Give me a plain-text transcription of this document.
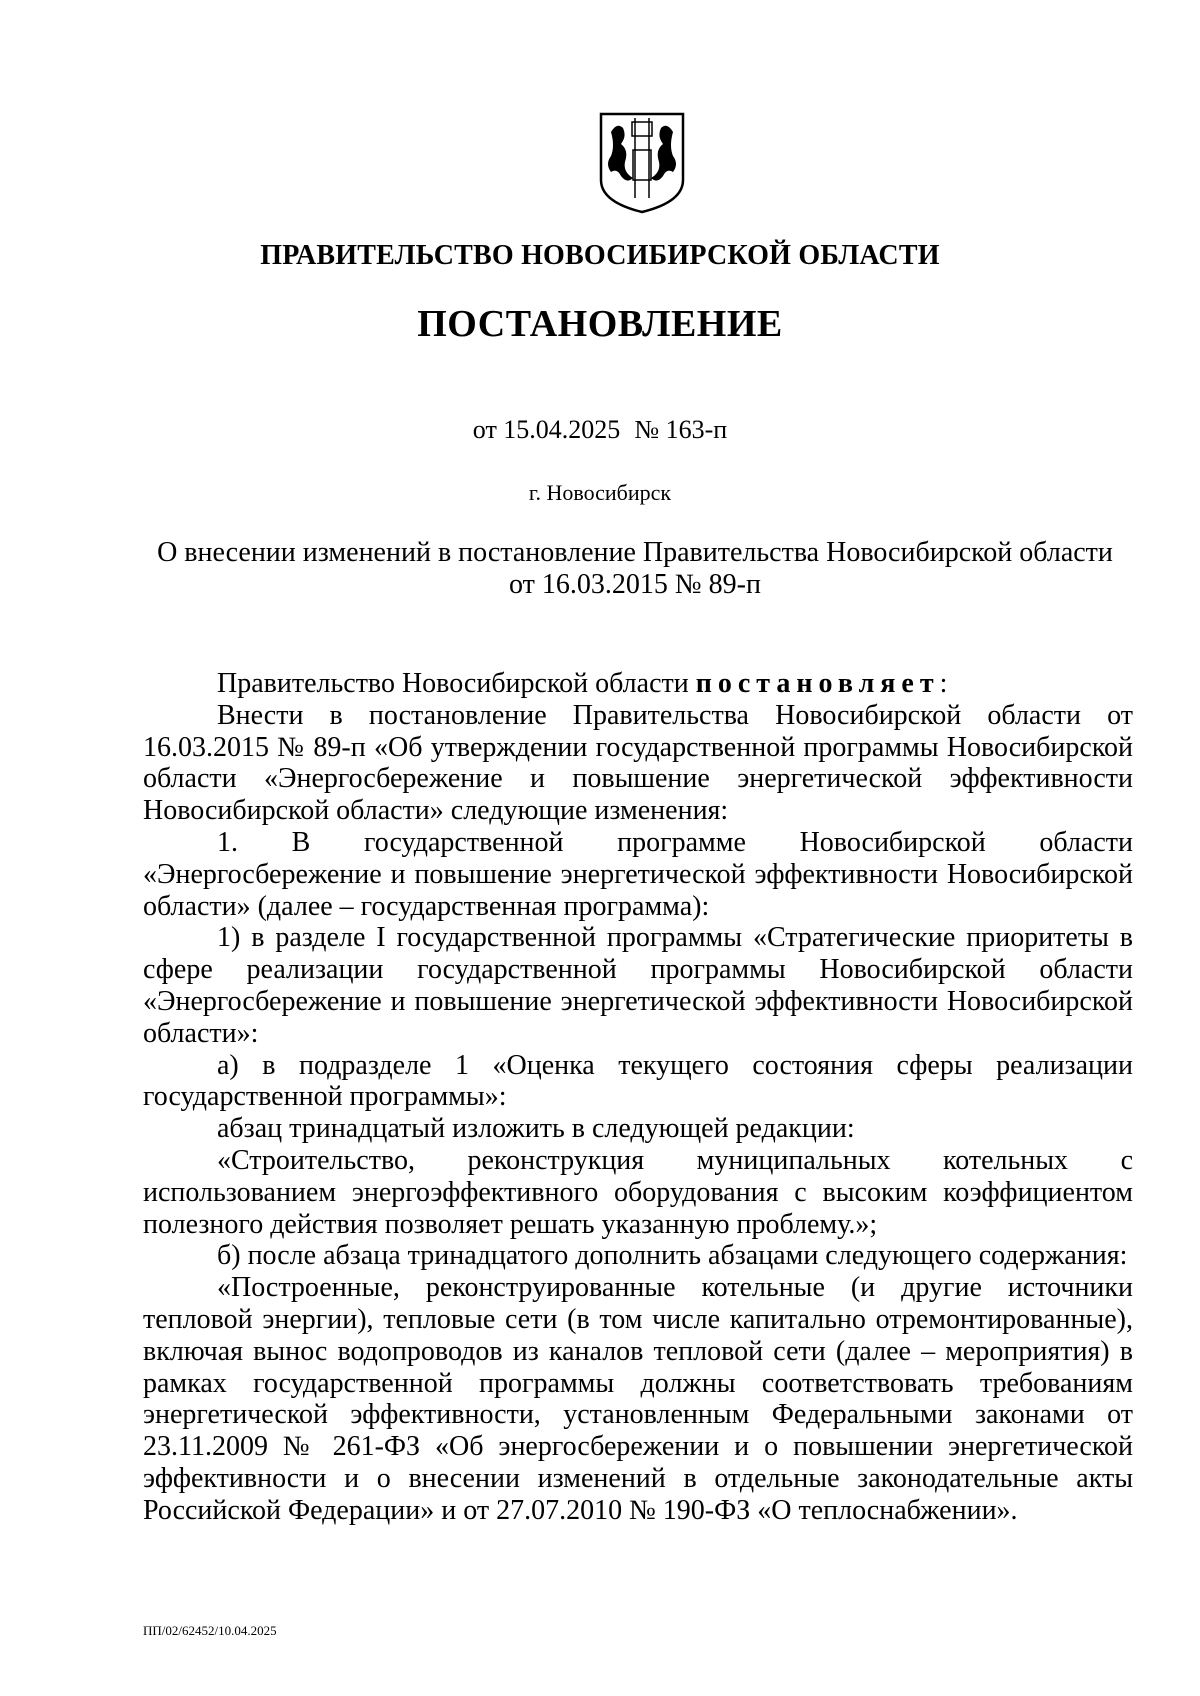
ПРАВИТЕЛЬСТВО НОВОСИБИРСКОЙ ОБЛАСТИ
ПОСТАНОВЛЕНИЕ
от 15.04.2025 № 163-п
г. Новосибирск
О внесении изменений в постановление Правительства Новосибирской области
от 16.03.2015 № 89-п

Правительство Новосибирской области постановляет:

Внести в постановление Правительства Новосибирской области от 16.03.2015 № 89-п «Об утверждении государственной программы Новосибирской области «Энергосбережение и повышение энергетической эффективности Новосибирской области» следующие изменения:

1. В государственной программе Новосибирской области «Энергосбережение и повышение энергетической эффективности Новосибирской области» (далее – государственная программа):

1) в разделе I государственной программы «Стратегические приоритеты в сфере реализации государственной программы Новосибирской области «Энергосбережение и повышение энергетической эффективности Новосибирской области»:

а) в подразделе 1 «Оценка текущего состояния сферы реализации государственной программы»:

абзац тринадцатый изложить в следующей редакции:

«Строительство, реконструкция муниципальных котельных с использованием энергоэффективного оборудования с высоким коэффициентом полезного действия позволяет решать указанную проблему.»;

б) после абзаца тринадцатого дополнить абзацами следующего содержания:

«Построенные, реконструированные котельные (и другие источники тепловой энергии), тепловые сети (в том числе капитально отремонтированные), включая вынос водопроводов из каналов тепловой сети (далее – мероприятия) в рамках государственной программы должны соответствовать требованиям энергетической эффективности, установленным Федеральными законами от 23.11.2009 № 261-ФЗ «Об энергосбережении и о повышении энергетической эффективности и о внесении изменений в отдельные законодательные акты Российской Федерации» и от 27.07.2010 № 190-ФЗ «О теплоснабжении».

ПП/02/62452/10.04.2025
